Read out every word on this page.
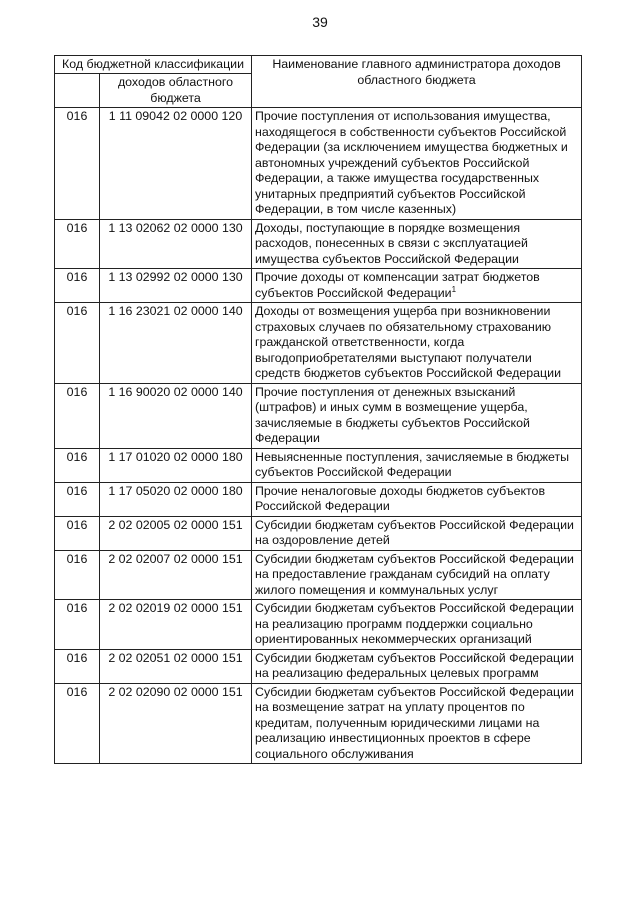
39
Код бюджетной классификации		Наименование главного администратора доходов областного бюджета
	доходов областного бюджета	
016	1 11 09042 02 0000 120	Прочие поступления от использования имущества, находящегося в собственности субъектов Российской Федерации (за исключением имущества бюджетных и автономных учреждений субъектов Российской Федерации, а также имущества государственных унитарных предприятий субъектов Российской Федерации, в том числе казенных)
016	1 13 02062 02 0000 130	Доходы, поступающие в порядке возмещения расходов, понесенных в связи с эксплуатацией имущества субъектов Российской Федерации
016	1 13 02992 02 0000 130	Прочие доходы от компенсации затрат бюджетов субъектов Российской Федерации$^1$
016	1 16 23021 02 0000 140	Доходы от возмещения ущерба при возникновении страховых случаев по обязательному страхованию гражданской ответственности, когда выгодоприобретателями выступают получатели средств бюджетов субъектов Российской Федерации
016	1 16 90020 02 0000 140	Прочие поступления от денежных взысканий (штрафов) и иных сумм в возмещение ущерба, зачисляемые в бюджеты субъектов Российской Федерации
016	1 17 01020 02 0000 180	Невыясненные поступления, зачисляемые в бюджеты субъектов Российской Федерации
016	1 17 05020 02 0000 180	Прочие неналоговые доходы бюджетов субъектов Российской Федерации
016	2 02 02005 02 0000 151	Субсидии бюджетам субъектов Российской Федерации на оздоровление детей
016	2 02 02007 02 0000 151	Субсидии бюджетам субъектов Российской Федерации на предоставление гражданам субсидий на оплату жилого помещения и коммунальных услуг
016	2 02 02019 02 0000 151	Субсидии бюджетам субъектов Российской Федерации на реализацию программ поддержки социально ориентированных некоммерческих организаций
016	2 02 02051 02 0000 151	Субсидии бюджетам субъектов Российской Федерации на реализацию федеральных целевых программ
016	2 02 02090 02 0000 151	Субсидии бюджетам субъектов Российской Федерации на возмещение затрат на уплату процентов по кредитам, полученным юридическими лицами на реализацию инвестиционных проектов в сфере социального обслуживания
